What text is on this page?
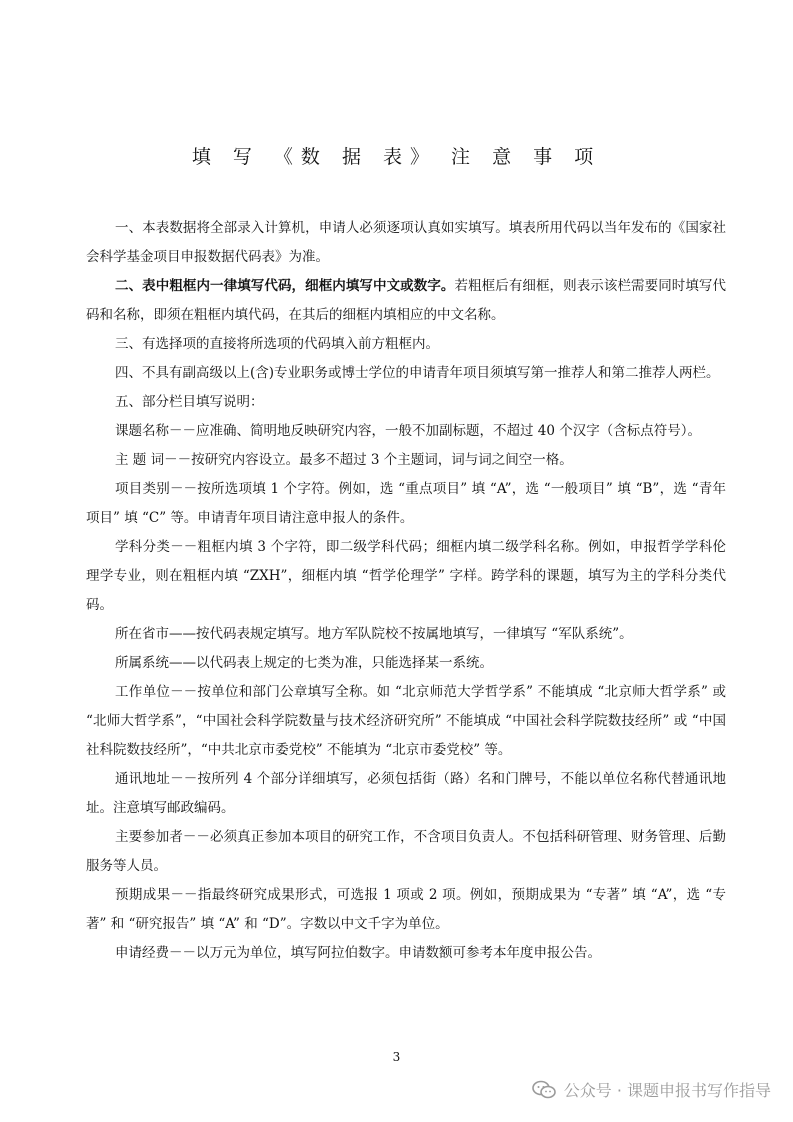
填 写 《数 据 表》 注 意 事 项

一、本表数据将全部录入计算机，申请人必须逐项认真如实填写。填表所用代码以当年发布的《国家社会科学基金项目申报数据代码表》为准。

二、表中粗框内一律填写代码，细框内填写中文或数字。若粗框后有细框，则表示该栏需要同时填写代码和名称，即须在粗框内填代码，在其后的细框内填相应的中文名称。

三、有选择项的直接将所选项的代码填入前方粗框内。

四、不具有副高级以上(含)专业职务或博士学位的申请青年项目须填写第一推荐人和第二推荐人两栏。

五、部分栏目填写说明：

课题名称－－应准确、简明地反映研究内容，一般不加副标题，不超过 40 个汉字（含标点符号）。

主 题 词－－按研究内容设立。最多不超过 3 个主题词，词与词之间空一格。

项目类别－－按所选项填 1 个字符。例如，选 “重点项目” 填 “A”，选 “一般项目” 填 “B”，选 “青年项目” 填 “C” 等。申请青年项目请注意申报人的条件。

学科分类－－粗框内填 3 个字符，即二级学科代码；细框内填二级学科名称。例如，申报哲学学科伦理学专业，则在粗框内填 “ZXH”，细框内填 “哲学伦理学” 字样。跨学科的课题，填写为主的学科分类代码。

所在省市——按代码表规定填写。地方军队院校不按属地填写，一律填写 “军队系统”。

所属系统——以代码表上规定的七类为准，只能选择某一系统。

工作单位－－按单位和部门公章填写全称。如 “北京师范大学哲学系” 不能填成 “北京师大哲学系” 或 “北师大哲学系”，“中国社会科学院数量与技术经济研究所” 不能填成 “中国社会科学院数技经所” 或 “中国社科院数技经所”，“中共北京市委党校” 不能填为 “北京市委党校” 等。

通讯地址－－按所列 4 个部分详细填写，必须包括街（路）名和门牌号，不能以单位名称代替通讯地址。注意填写邮政编码。

主要参加者－－必须真正参加本项目的研究工作，不含项目负责人。不包括科研管理、财务管理、后勤服务等人员。

预期成果－－指最终研究成果形式，可选报 1 项或 2 项。例如，预期成果为 “专著” 填 “A”，选 “专著” 和 “研究报告” 填 “A” 和 “D”。字数以中文千字为单位。

申请经费－－以万元为单位，填写阿拉伯数字。申请数额可参考本年度申报公告。

3
公众号 · 课题申报书写作指导
